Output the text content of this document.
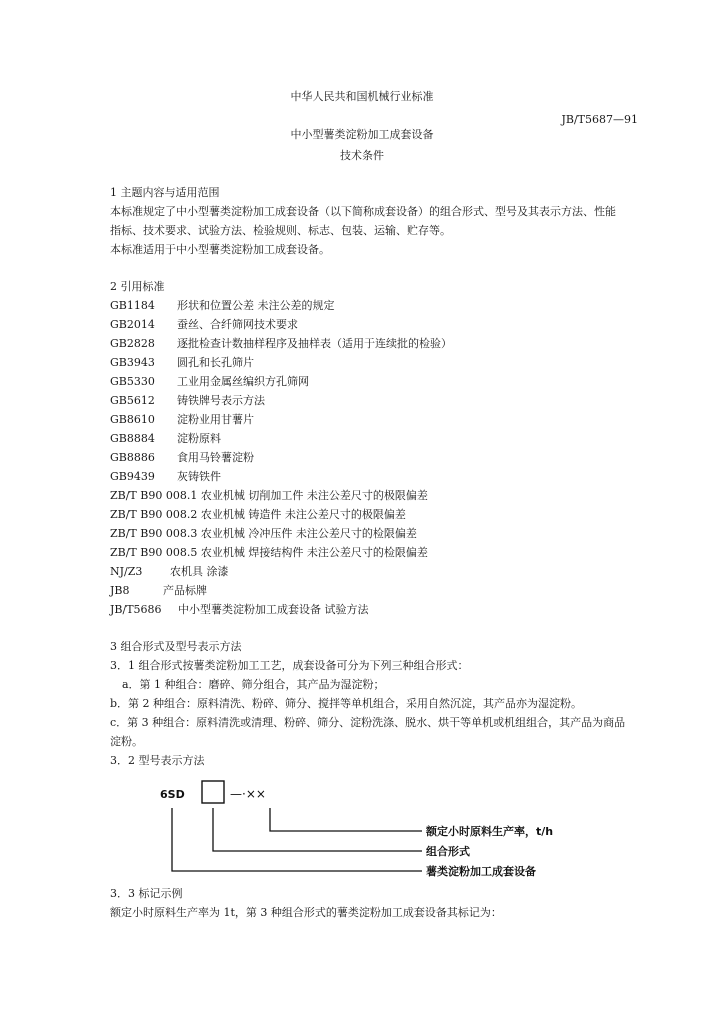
中华人民共和国机械行业标准
JB/T5687—91
中小型薯类淀粉加工成套设备
技术条件
1 主题内容与适用范围
本标准规定了中小型薯类淀粉加工成套设备（以下简称成套设备）的组合形式、型号及其表示方法、性能
指标、技术要求、试验方法、检验规则、标志、包装、运输、贮存等。
本标准适用于中小型薯类淀粉加工成套设备。
2 引用标准
GB1184 形状和位置公差 未注公差的规定
GB2014 蚕丝、合纤筛网技术要求
GB2828 逐批检查计数抽样程序及抽样表（适用于连续批的检验）
GB3943 圆孔和长孔筛片
GB5330 工业用金属丝编织方孔筛网
GB5612 铸铁牌号表示方法
GB8610 淀粉业用甘薯片
GB8884 淀粉原料
GB8886 食用马铃薯淀粉
GB9439 灰铸铁件
ZB/T B90 008.1 农业机械 切削加工件 未注公差尺寸的极限偏差
ZB/T B90 008.2 农业机械 铸造件 未注公差尺寸的极限偏差
ZB/T B90 008.3 农业机械 冷冲压件 未注公差尺寸的检限偏差
ZB/T B90 008.5 农业机械 焊接结构件 未注公差尺寸的检限偏差
NJ/Z3	农机具 涂漆
JB8	产品标牌
JB/T5686 中小型薯类淀粉加工成套设备 试验方法
3 组合形式及型号表示方法
3．1 组合形式按薯类淀粉加工工艺，成套设备可分为下列三种组合形式：
a．第 1 种组合：磨碎、筛分组合，其产品为湿淀粉；
b．第 2 种组合：原料清洗、粉碎、筛分、搅拌等单机组合，采用自然沉淀，其产品亦为湿淀粉。
c．第 3 种组合：原料清洗或清理、粉碎、筛分、淀粉洗涤、脱水、烘干等单机或机组组合，其产品为商品
淀粉。
3．2 型号表示方法
6SD	—·××
额定小时原料生产率，t/h
组合形式
薯类淀粉加工成套设备
3．3 标记示例
额定小时原料生产率为 1t，第 3 种组合形式的薯类淀粉加工成套设备其标记为：
